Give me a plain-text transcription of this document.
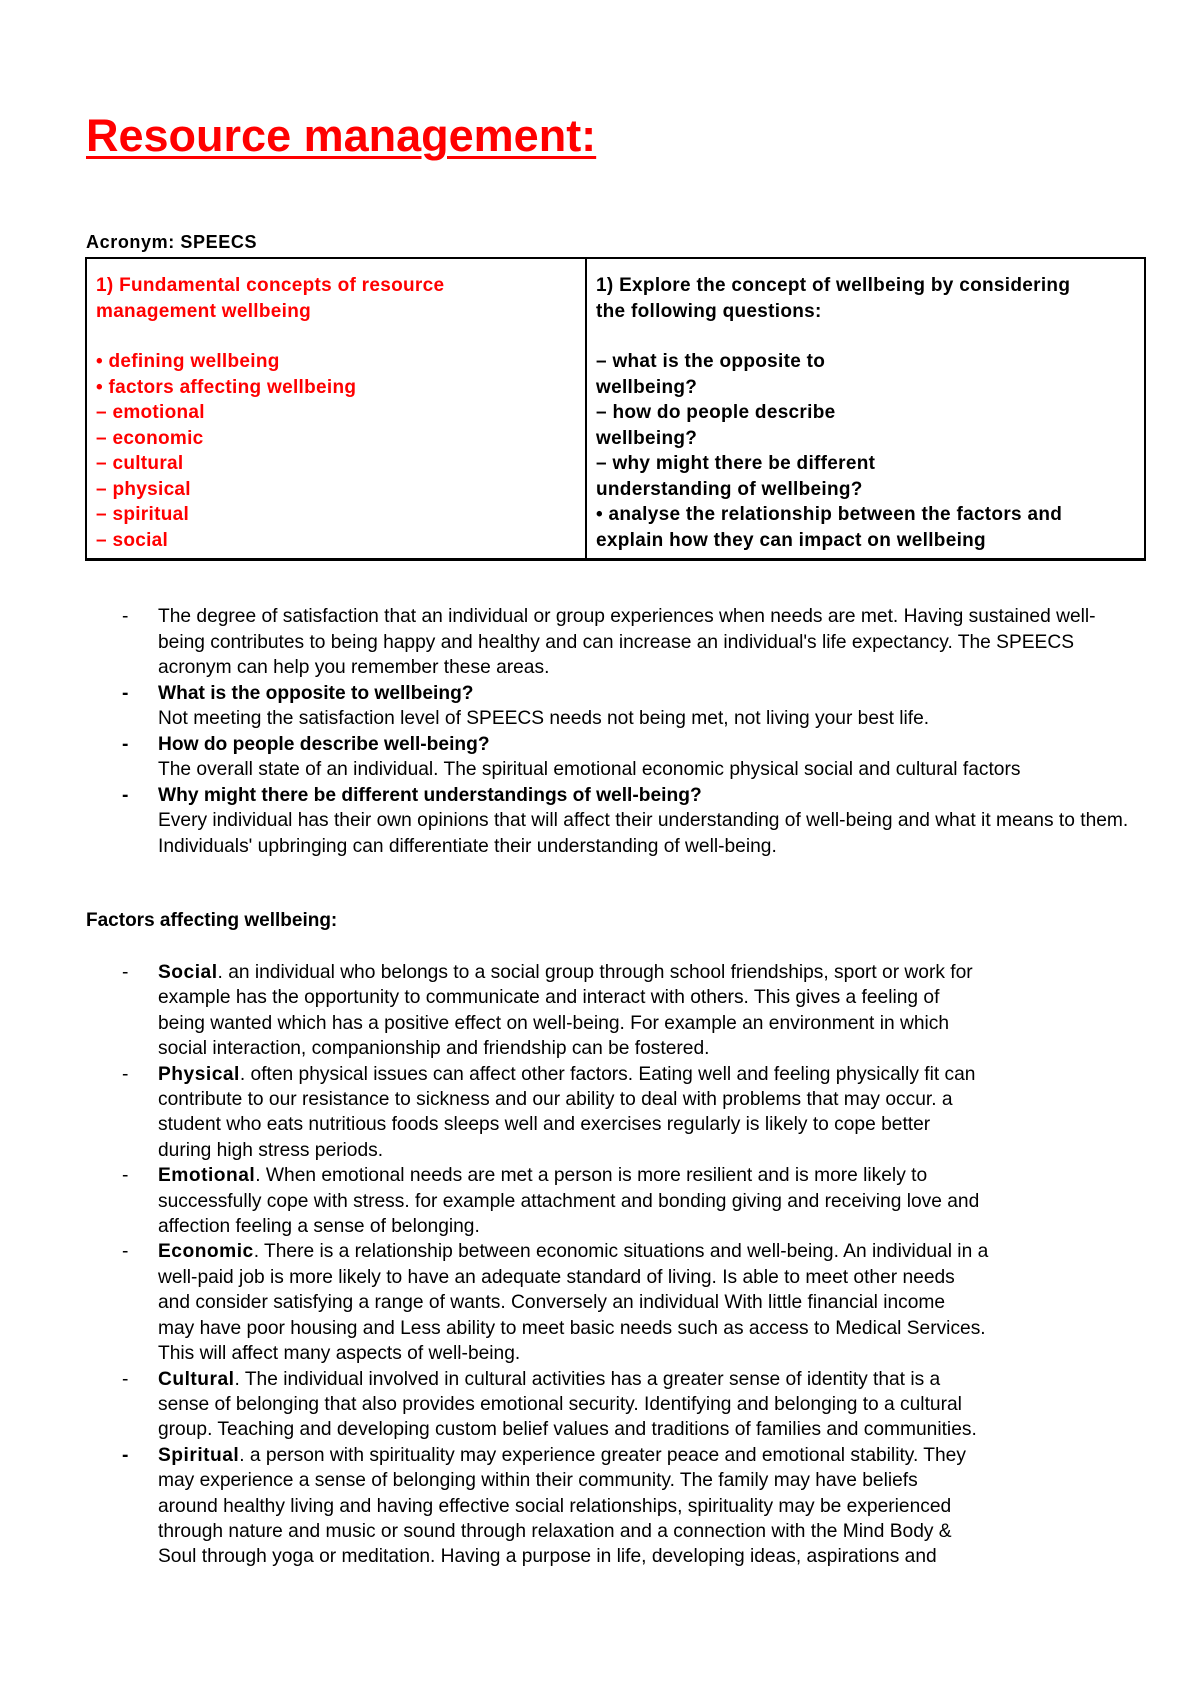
Resource management:
Acronym: SPEECS
1) Fundamental concepts of resource
management wellbeing
• defining wellbeing
• factors affecting wellbeing
– emotional
– economic
– cultural
– physical
– spiritual
– social
1) Explore the concept of wellbeing by considering
the following questions:
– what is the opposite to
wellbeing?
– how do people describe
wellbeing?
– why might there be different
understanding of wellbeing?
• analyse the relationship between the factors and
explain how they can impact on wellbeing
- The degree of satisfaction that an individual or group experiences when needs are met. Having sustained well-being contributes to being happy and healthy and can increase an individual's life expectancy. The SPEECS acronym can help you remember these areas.
- What is the opposite to wellbeing?
Not meeting the satisfaction level of SPEECS needs not being met, not living your best life.
- How do people describe well-being?
The overall state of an individual. The spiritual emotional economic physical social and cultural factors
- Why might there be different understandings of well-being?
Every individual has their own opinions that will affect their understanding of well-being and what it means to them. Individuals' upbringing can differentiate their understanding of well-being.
Factors affecting wellbeing:
- Social. an individual who belongs to a social group through school friendships, sport or work for
example has the opportunity to communicate and interact with others. This gives a feeling of
being wanted which has a positive effect on well-being. For example an environment in which
social interaction, companionship and friendship can be fostered.
- Physical. often physical issues can affect other factors. Eating well and feeling physically fit can
contribute to our resistance to sickness and our ability to deal with problems that may occur. a
student who eats nutritious foods sleeps well and exercises regularly is likely to cope better
during high stress periods.
- Emotional. When emotional needs are met a person is more resilient and is more likely to
successfully cope with stress. for example attachment and bonding giving and receiving love and
affection feeling a sense of belonging.
- Economic. There is a relationship between economic situations and well-being. An individual in a
well-paid job is more likely to have an adequate standard of living. Is able to meet other needs
and consider satisfying a range of wants. Conversely an individual With little financial income
may have poor housing and Less ability to meet basic needs such as access to Medical Services.
This will affect many aspects of well-being.
- Cultural. The individual involved in cultural activities has a greater sense of identity that is a
sense of belonging that also provides emotional security. Identifying and belonging to a cultural
group. Teaching and developing custom belief values and traditions of families and communities.
- Spiritual. a person with spirituality may experience greater peace and emotional stability. They
may experience a sense of belonging within their community. The family may have beliefs
around healthy living and having effective social relationships, spirituality may be experienced
through nature and music or sound through relaxation and a connection with the Mind Body &
Soul through yoga or meditation. Having a purpose in life, developing ideas, aspirations and
